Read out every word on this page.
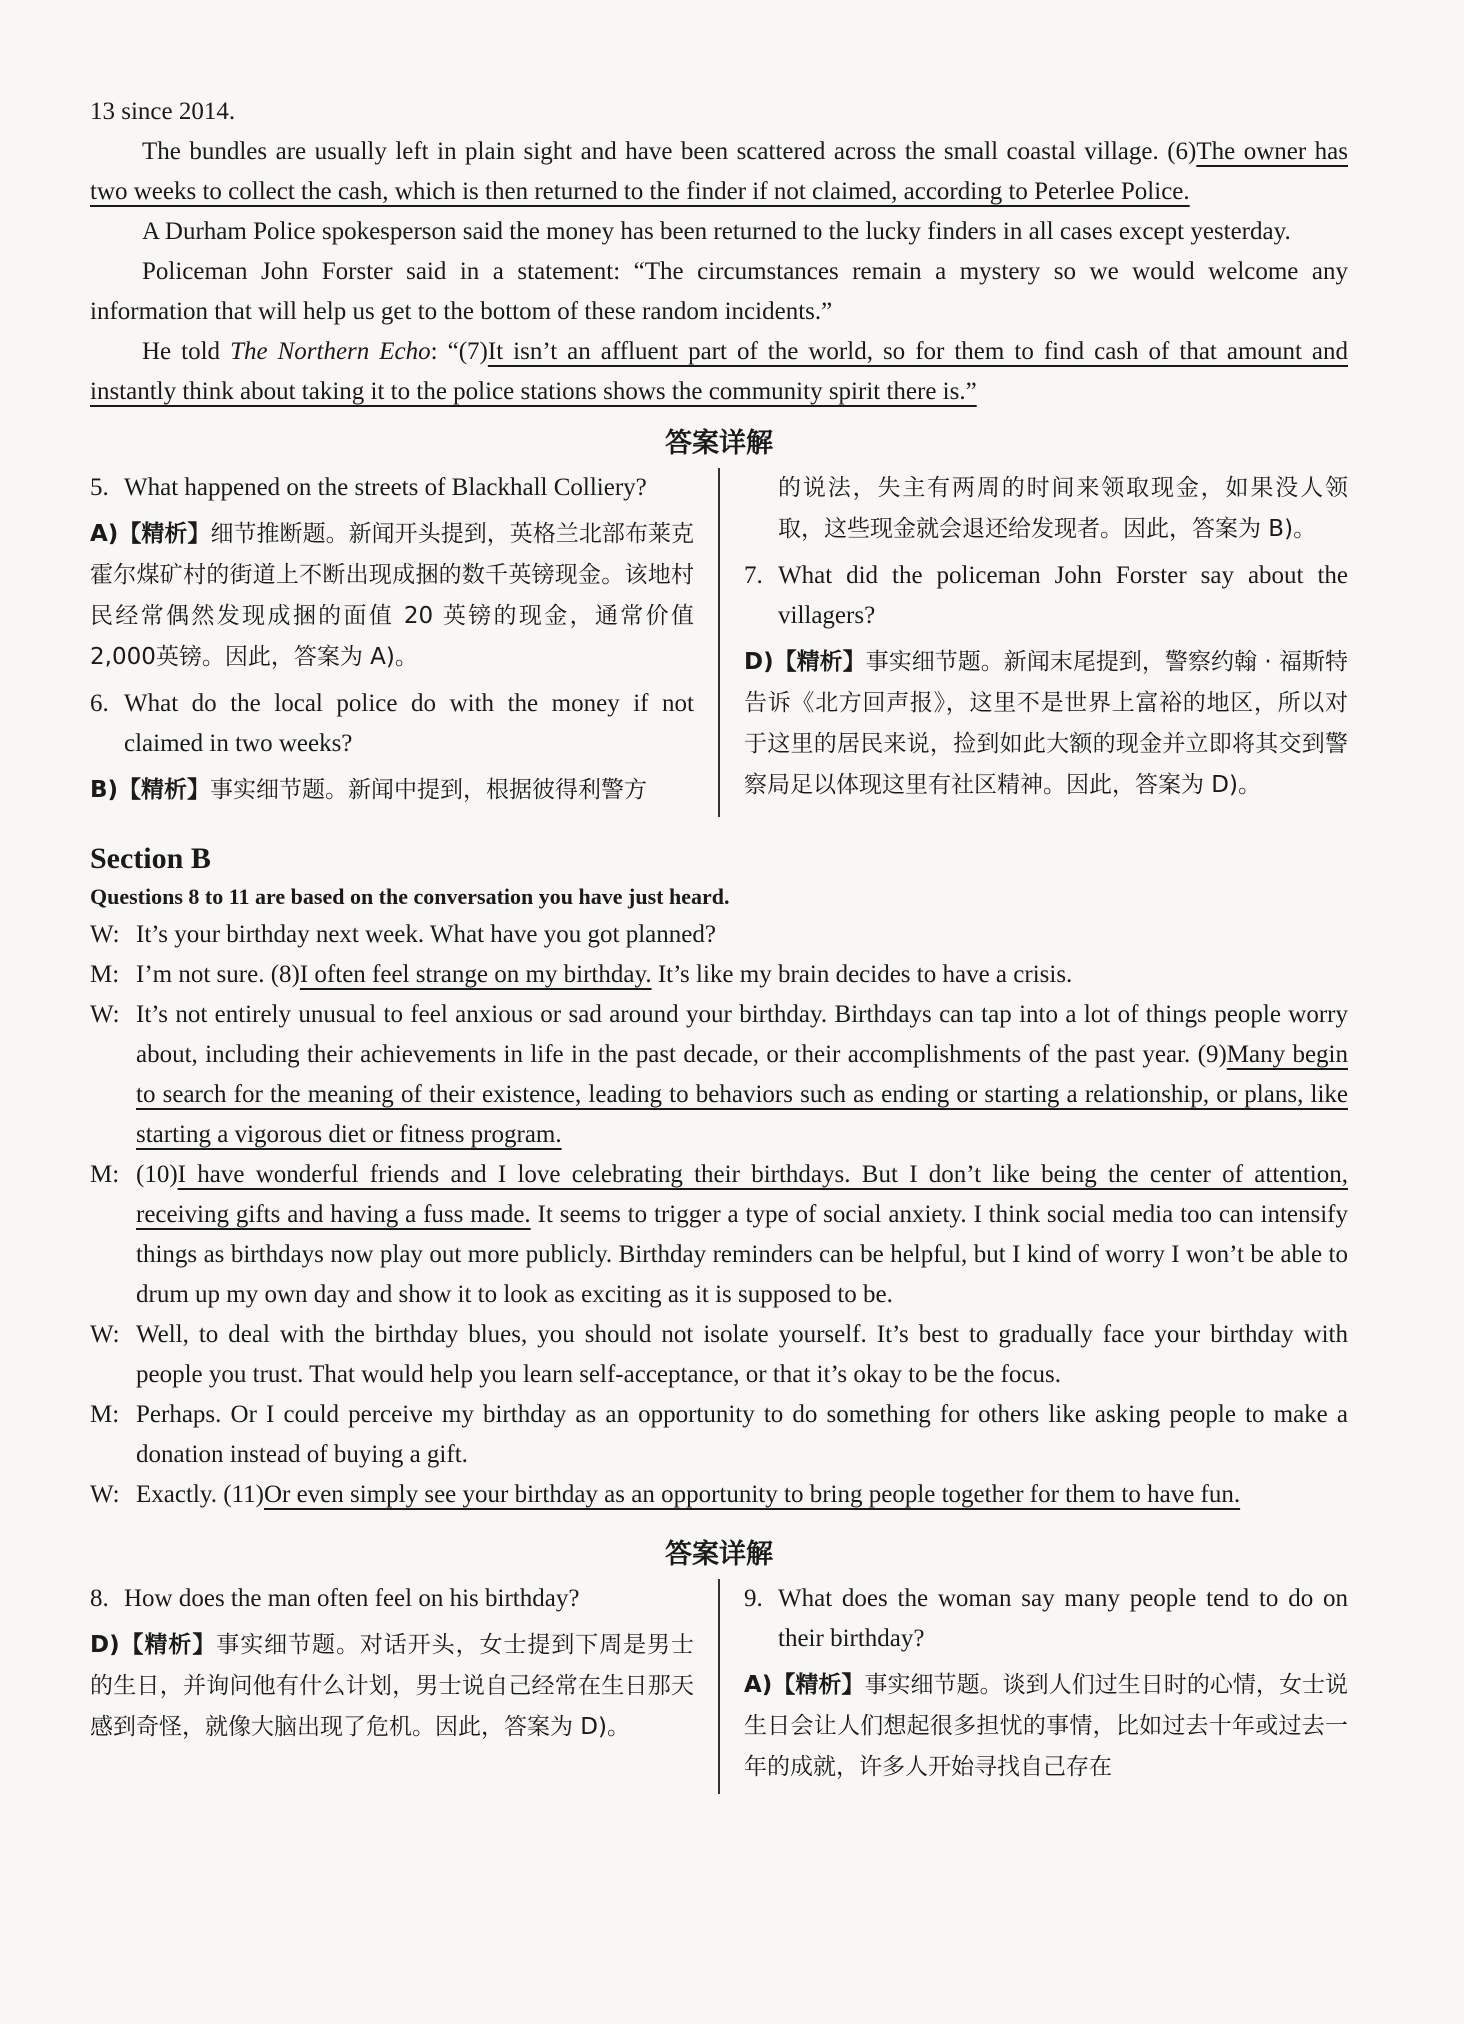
13 since 2014.

The bundles are usually left in plain sight and have been scattered across the small coastal village. (6)The owner has two weeks to collect the cash, which is then returned to the finder if not claimed, according to Peterlee Police.

A Durham Police spokesperson said the money has been returned to the lucky finders in all cases except yesterday.

Policeman John Forster said in a statement: “The circumstances remain a mystery so we would welcome any information that will help us get to the bottom of these random incidents.”

He told The Northern Echo: “(7)It isn’t an affluent part of the world, so for them to find cash of that amount and instantly think about taking it to the police stations shows the community spirit there is.”

答案详解
5. What happened on the streets of Blackhall Colliery?
A)【精析】细节推断题。新闻开头提到，英格兰北部布莱克霍尔煤矿村的街道上不断出现成捆的数千英镑现金。该地村民经常偶然发现成捆的面值 20 英镑的现金，通常价值2,000英镑。因此，答案为 A)。
6. What do the local police do with the money if not claimed in two weeks?
B)【精析】事实细节题。新闻中提到，根据彼得利警方
的说法，失主有两周的时间来领取现金，如果没人领取，这些现金就会退还给发现者。因此，答案为 B)。
7. What did the policeman John Forster say about the villagers?
D)【精析】事实细节题。新闻末尾提到，警察约翰 · 福斯特告诉《北方回声报》，这里不是世界上富裕的地区，所以对于这里的居民来说，捡到如此大额的现金并立即将其交到警察局足以体现这里有社区精神。因此，答案为 D)。
Section B
Questions 8 to 11 are based on the conversation you have just heard.
W: It’s your birthday next week. What have you got planned?
M: I’m not sure. (8)I often feel strange on my birthday. It’s like my brain decides to have a crisis.
W: It’s not entirely unusual to feel anxious or sad around your birthday. Birthdays can tap into a lot of things people worry about, including their achievements in life in the past decade, or their accomplishments of the past year. (9)Many begin to search for the meaning of their existence, leading to behaviors such as ending or starting a relationship, or plans, like starting a vigorous diet or fitness program.
M: (10)I have wonderful friends and I love celebrating their birthdays. But I don’t like being the center of attention, receiving gifts and having a fuss made. It seems to trigger a type of social anxiety. I think social media too can intensify things as birthdays now play out more publicly. Birthday reminders can be helpful, but I kind of worry I won’t be able to drum up my own day and show it to look as exciting as it is supposed to be.
W: Well, to deal with the birthday blues, you should not isolate yourself. It’s best to gradually face your birthday with people you trust. That would help you learn self-acceptance, or that it’s okay to be the focus.
M: Perhaps. Or I could perceive my birthday as an opportunity to do something for others like asking people to make a donation instead of buying a gift.
W: Exactly. (11)Or even simply see your birthday as an opportunity to bring people together for them to have fun.
答案详解
8. How does the man often feel on his birthday?
D)【精析】事实细节题。对话开头，女士提到下周是男士的生日，并询问他有什么计划，男士说自己经常在生日那天感到奇怪，就像大脑出现了危机。因此，答案为 D)。
9. What does the woman say many people tend to do on their birthday?
A)【精析】事实细节题。谈到人们过生日时的心情，女士说生日会让人们想起很多担忧的事情，比如过去十年或过去一年的成就，许多人开始寻找自己存在
